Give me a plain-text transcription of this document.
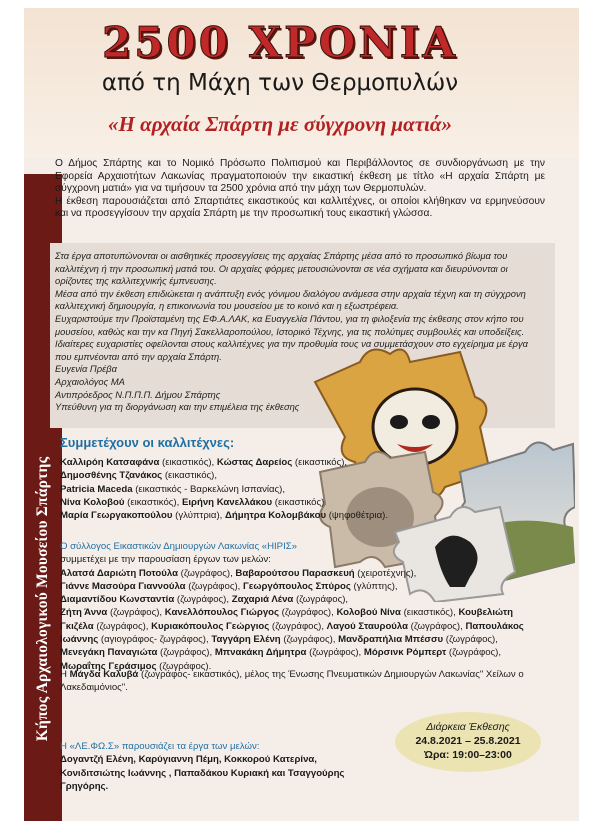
Κήπος Αρχαιολογικού Μουσείου Σπάρτης
2500 ΧΡΟΝΙΑ
από τη Μάχη των Θερμοπυλών
«Η αρχαία Σπάρτη με σύγχρονη ματιά»

Ο Δήμος Σπάρτης και το Νομικό Πρόσωπο Πολιτισμού και Περιβάλλοντος σε συνδιοργάνωση με την Εφορεία Αρχαιοτήτων Λακωνίας πραγματοποιούν την εικαστική έκθεση με τίτλο «Η αρχαία Σπάρτη με σύγχρονη ματιά» για να τιμήσουν τα 2500 χρόνια από την μάχη των Θερμοπυλών.

Η έκθεση παρουσιάζεται από Σπαρτιάτες εικαστικούς και καλλιτέχνες, οι οποίοι κλήθηκαν να ερμηνεύσουν και να προσεγγίσουν την αρχαία Σπάρτη με την προσωπική τους εικαστική γλώσσα.

Στα έργα αποτυπώνονται οι αισθητικές προσεγγίσεις της αρχαίας Σπάρτης μέσα από το προσωπικό βίωμα του καλλιτέχνη ή την προσωπική ματιά του. Οι αρχαίες φόρμες μετουσιώνονται σε νέα σχήματα και διευρύνονται οι ορίζοντες της καλλιτεχνικής έμπνευσης.

Μέσα από την έκθεση επιδιώκεται η ανάπτυξη ενός γόνιμου διαλόγου ανάμεσα στην αρχαία τέχνη και τη σύγχρονη καλλιτεχνική δημιουργία, η επικοινωνία του μουσείου με το κοινό και η εξωστρέφεια.

Ευχαριστούμε την Προϊσταμένη της ΕΦ.Α.ΛΑΚ, κα Ευαγγελία Πάντου, για τη φιλοξενία της έκθεσης στον κήπο του μουσείου, καθώς και την κα Πηγή Σακελλαροπούλου, Ιστορικό Τέχνης, για τις πολύτιμες συμβουλές και υποδείξεις.

Ιδιαίτερες ευχαριστίες οφείλονται στους καλλιτέχνες για την προθυμία τους να συμμετάσχουν στο εγχείρημα με έργα που εμπνέονται από την αρχαία Σπάρτη.

Ευγενία Πρέβα

Αρχαιολόγος ΜΑ

Αντιπρόεδρος Ν.Π.Π.Π. Δήμου Σπάρτης

Υπεύθυνη για τη διοργάνωση και την επιμέλεια της έκθεσης

Συμμετέχουν οι καλλιτέχνες:
Καλλιρόη Κατσαφάνα (εικαστικός), Κώστας Δαρείος (εικαστικός),
Δημοσθένης Τζανάκος (εικαστικός),
Patricia Maceda (εικαστικός - Βαρκελώνη Ισπανίας),
Νίνα Κολοβού (εικαστικός), Ειρήνη Κανελλάκου (εικαστικός)
Μαρία Γεωργακοπούλου (γλύπτρια), Δήμητρα Κολομβάκου (ψηφοθέτρια).
Ο σύλλογος Εικαστικών Δημιουργών Λακωνίας «ΗΙΡΙΣ»
συμμετέχει με την παρουσίαση έργων των μελών:
Αλατσά Δαριώτη Ποτούλα (ζωγράφος), Βαβαρούτσου Παρασκευή (χειροτέχνης),
Γιάννε Μασούρα Γιαννούλα (ζωγράφος), Γεωργόπουλος Σπύρος (γλύπτης),
Διαμαντίδου Κωνσταντία (ζωγράφος), Ζαχαριά Λένα (ζωγράφος),
Ζήτη Άννα (ζωγράφος), Κανελλόπουλος Γιώργος (ζωγράφος), Κολοβού Νίνα (εικαστικός), Κουβελιώτη
Γκιζέλα (ζωγράφος), Κυριακόπουλος Γεώργιος (ζωγράφος), Λαγού Σταυρούλα (ζωγράφος), Παπουλάκος
Ιωάννης (αγιογράφος- ζωγράφος), Ταγγάρη Ελένη (ζωγράφος), Μανδραπήλια Μπέσσυ (ζωγράφος),
Μενεγάκη Παναγιώτα (ζωγράφος), Μπνακάκη Δήμητρα (ζωγράφος), Μόρσινκ Ρόμπερτ (ζωγράφος),
Μωραΐτης Γεράσιμος (ζωγράφος).
Η Μάγδα Καλυβά (ζωγράφος- εικαστικός), μέλος της Ένωσης Πνευματικών Δημιουργών Λακωνίας" Χείλων ο Λακεδαιμόνιος".
Η «ΛΕ.ΦΩ.Σ» παρουσιάζει τα έργα των μελών:
Δογαντζή Ελένη, Καρύγιαννη Πέμη, Κοκκορού Κατερίνα,
Κονιδιτσιώτης Ιωάννης , Παπαδάκου Κυριακή και Τσαγγούρης Γρηγόρης.
Διάρκεια Έκθεσης
24.8.2021 – 25.8.2021
Ώρα: 19:00–23:00
